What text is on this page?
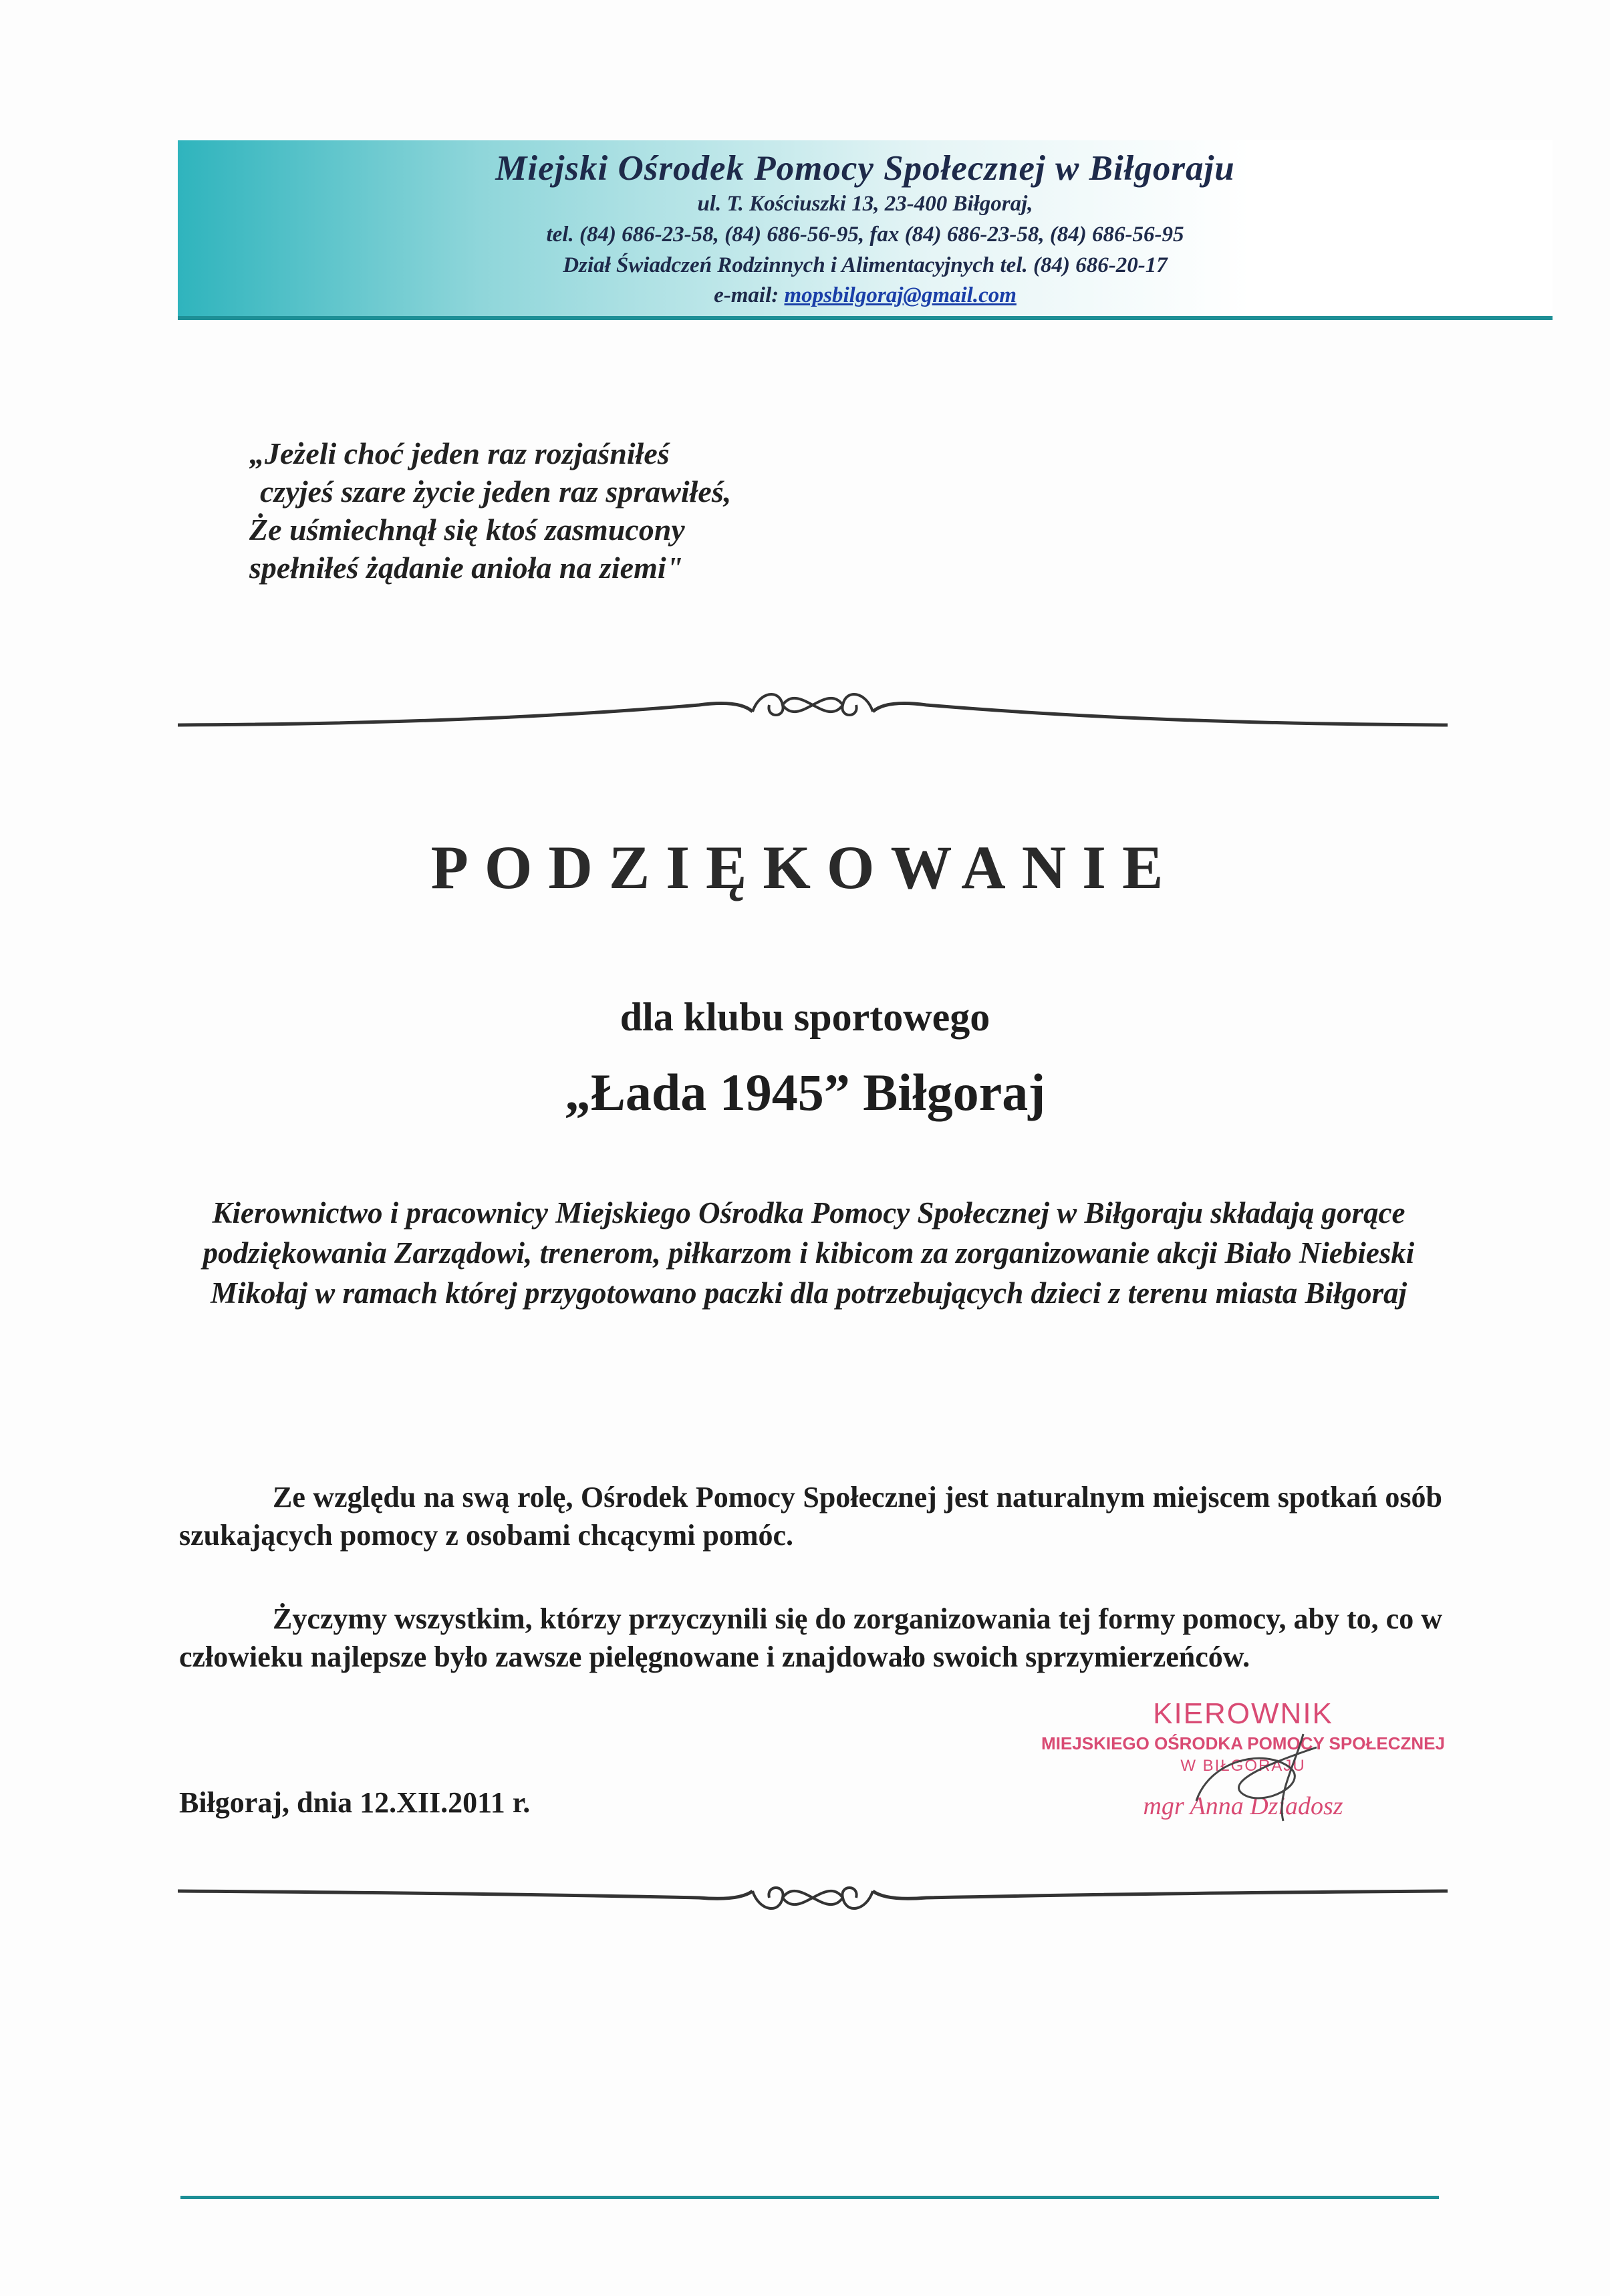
Miejski Ośrodek Pomocy Społecznej w Biłgoraju
ul. T. Kościuszki 13, 23-400 Biłgoraj,
tel. (84) 686-23-58, (84) 686-56-95, fax (84) 686-23-58, (84) 686-56-95
Dział Świadczeń Rodzinnych i Alimentacyjnych tel. (84) 686-20-17
e-mail: mopsbilgoraj@gmail.com
„Jeżeli choć jeden raz rozjaśniłeś
czyjeś szare życie jeden raz sprawiłeś,
Że uśmiechnął się ktoś zasmucony
spełniłeś żądanie anioła na ziemi"
PODZIĘKOWANIE
dla klubu sportowego
„Łada 1945” Biłgoraj
Kierownictwo i pracownicy Miejskiego Ośrodka Pomocy Społecznej w Biłgoraju składają gorące podziękowania Zarządowi, trenerom, piłkarzom i kibicom za zorganizowanie akcji Biało Niebieski Mikołaj w ramach której przygotowano paczki dla potrzebujących dzieci z terenu miasta Biłgoraj
Ze względu na swą rolę, Ośrodek Pomocy Społecznej jest naturalnym miejscem spotkań osób szukających pomocy z osobami chcącymi pomóc.
Życzymy wszystkim, którzy przyczynili się do zorganizowania tej formy pomocy, aby to, co w człowieku najlepsze było zawsze pielęgnowane i znajdowało swoich sprzymierzeńców.
Biłgoraj, dnia 12.XII.2011 r.
KIEROWNIK
MIEJSKIEGO OŚRODKA POMOCY SPOŁECZNEJ
W BIŁGORAJU
mgr Anna Dziadosz
